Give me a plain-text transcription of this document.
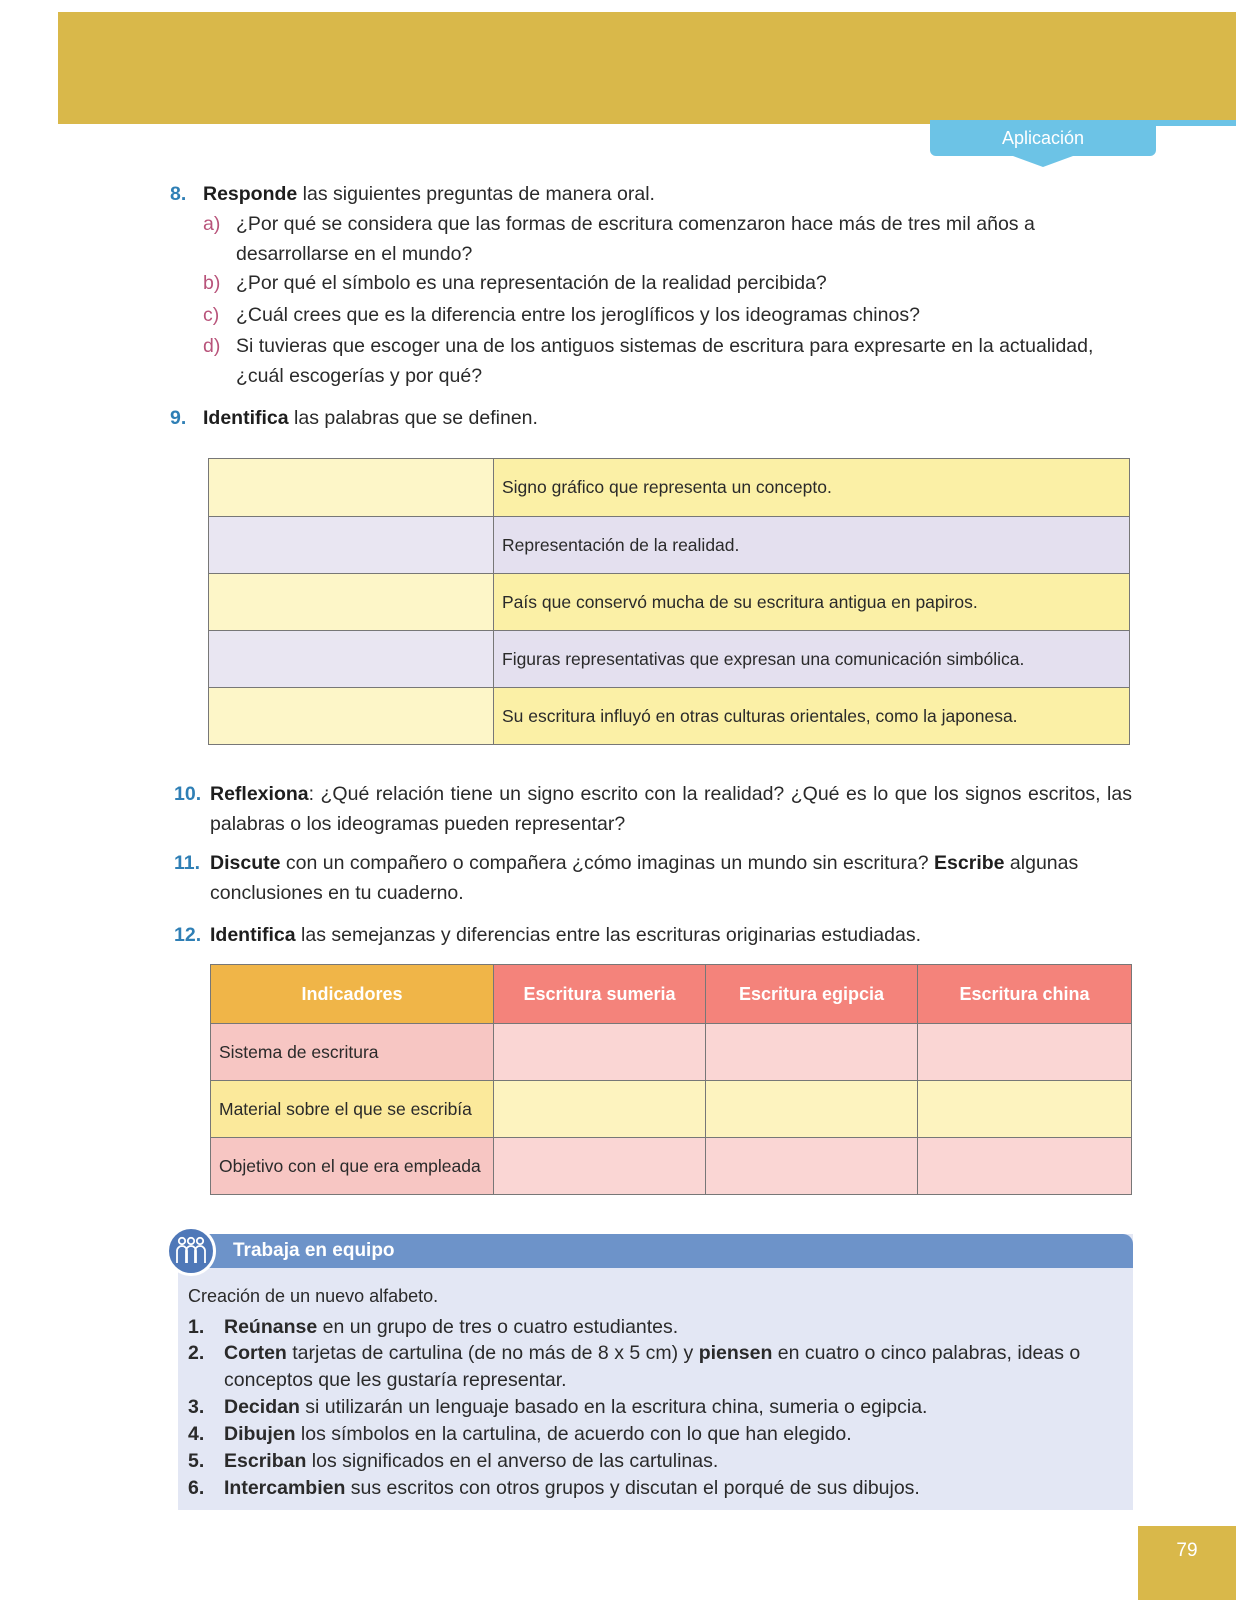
Aplicación
8. Responde las siguientes preguntas de manera oral.
a) ¿Por qué se considera que las formas de escritura comenzaron hace más de tres mil años a desarrollarse en el mundo?
b) ¿Por qué el símbolo es una representación de la realidad percibida?
c) ¿Cuál crees que es la diferencia entre los jeroglíficos y los ideogramas chinos?
d) Si tuvieras que escoger una de los antiguos sistemas de escritura para expresarte en la actualidad, ¿cuál escogerías y por qué?
9. Identifica las palabras que se definen.
	Signo gráfico que representa un concepto.
	Representación de la realidad.
	País que conservó mucha de su escritura antigua en papiros.
	Figuras representativas que expresan una comunicación simbólica.
	Su escritura influyó en otras culturas orientales, como la japonesa.
10. Reflexiona: ¿Qué relación tiene un signo escrito con la realidad? ¿Qué es lo que los signos escritos, las palabras o los ideogramas pueden representar?
11. Discute con un compañero o compañera ¿cómo imaginas un mundo sin escritura? Escribe algunas conclusiones en tu cuaderno.
12. Identifica las semejanzas y diferencias entre las escrituras originarias estudiadas.
Indicadores	Escritura sumeria	Escritura egipcia	Escritura china
Sistema de escritura			
Material sobre el que se escribía			
Objetivo con el que era empleada			
Trabaja en equipo
Creación de un nuevo alfabeto.
1. Reúnanse en un grupo de tres o cuatro estudiantes.
2. Corten tarjetas de cartulina (de no más de 8 x 5 cm) y piensen en cuatro o cinco palabras, ideas o conceptos que les gustaría representar.
3. Decidan si utilizarán un lenguaje basado en la escritura china, sumeria o egipcia.
4. Dibujen los símbolos en la cartulina, de acuerdo con lo que han elegido.
5. Escriban los significados en el anverso de las cartulinas.
6. Intercambien sus escritos con otros grupos y discutan el porqué de sus dibujos.
79
